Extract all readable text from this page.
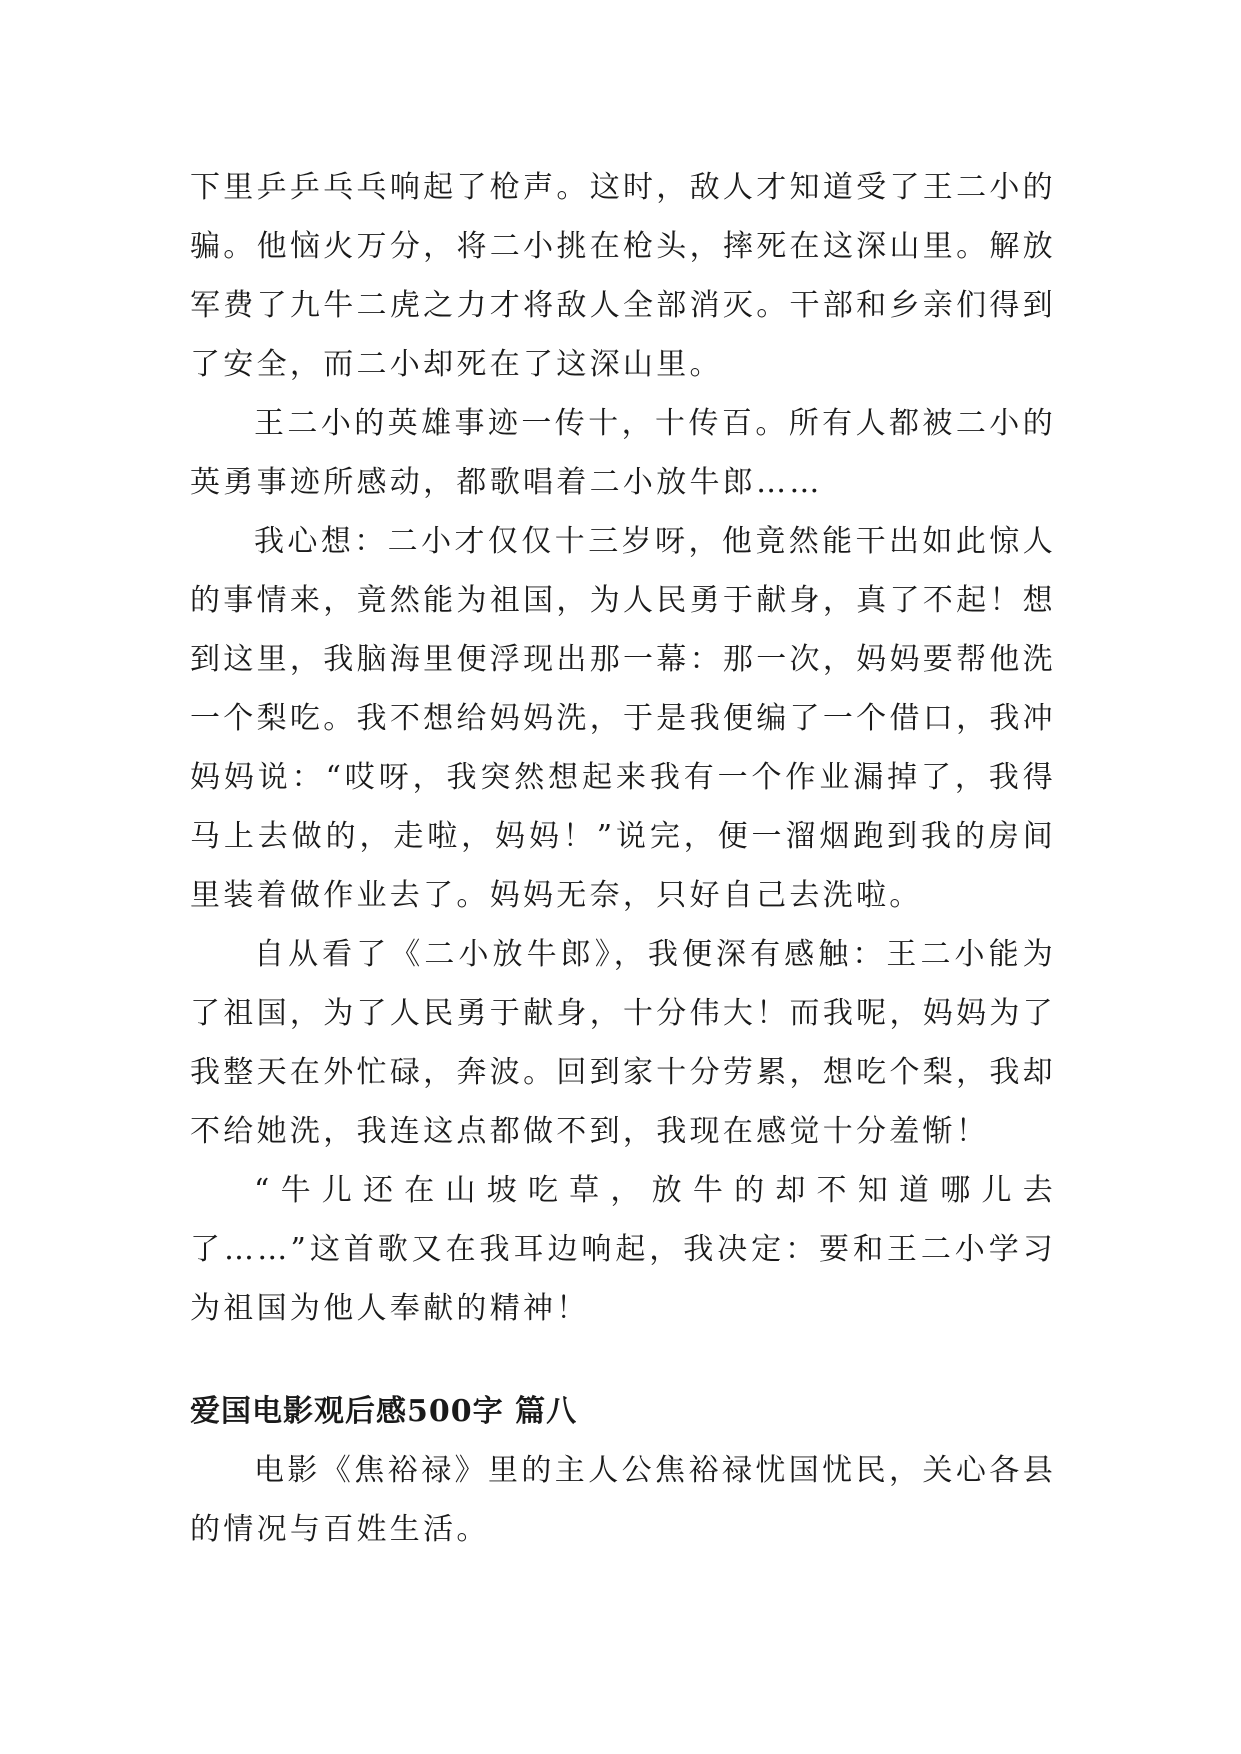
下里乒乒乓乓响起了枪声。这时，敌人才知道受了王二小的骗。他恼火万分，将二小挑在枪头，摔死在这深山里。解放军费了九牛二虎之力才将敌人全部消灭。干部和乡亲们得到了安全，而二小却死在了这深山里。

王二小的英雄事迹一传十，十传百。所有人都被二小的英勇事迹所感动，都歌唱着二小放牛郎……

我心想：二小才仅仅十三岁呀，他竟然能干出如此惊人的事情来，竟然能为祖国，为人民勇于献身，真了不起！想到这里，我脑海里便浮现出那一幕：那一次，妈妈要帮他洗一个梨吃。我不想给妈妈洗，于是我便编了一个借口，我冲妈妈说：“哎呀，我突然想起来我有一个作业漏掉了，我得马上去做的，走啦，妈妈！”说完，便一溜烟跑到我的房间里装着做作业去了。妈妈无奈，只好自己去洗啦。

自从看了《二小放牛郎》，我便深有感触：王二小能为了祖国，为了人民勇于献身，十分伟大！而我呢，妈妈为了我整天在外忙碌，奔波。回到家十分劳累，想吃个梨，我却不给她洗，我连这点都做不到，我现在感觉十分羞惭！

“牛儿还在山坡吃草，放牛的却不知道哪儿去了……”这首歌又在我耳边响起，我决定：要和王二小学习为祖国为他人奉献的精神！

爱国电影观后感500字 篇八

电影《焦裕禄》里的主人公焦裕禄忧国忧民，关心各县的情况与百姓生活。
